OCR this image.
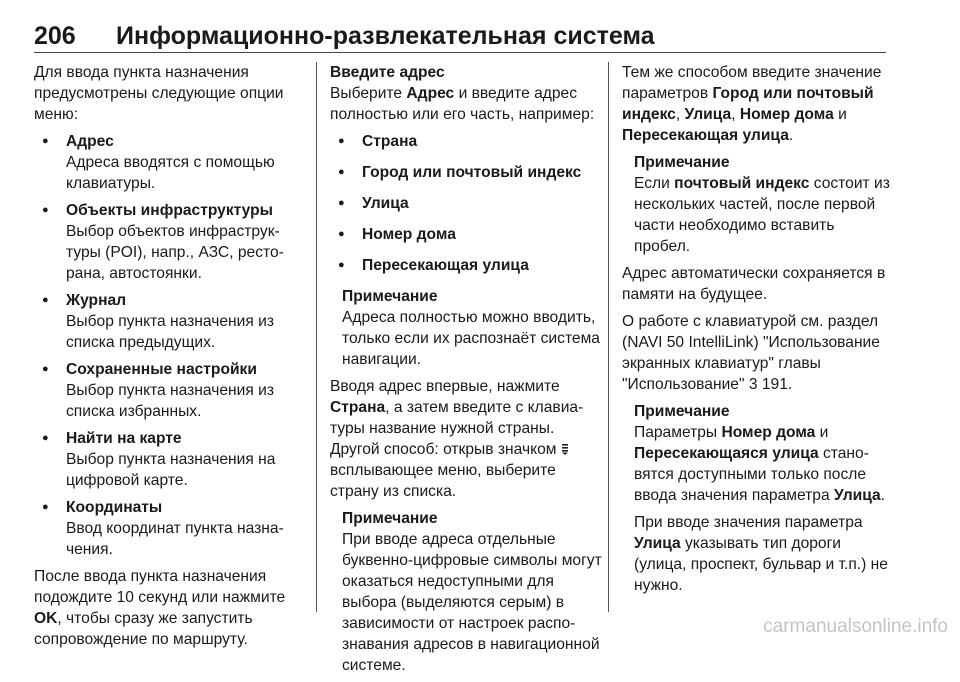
206 Информационно-развлекательная система

Для ввода пункта назначения предусмотрены следующие опции меню:

● Адрес
Адреса вводятся с помощью клавиатуры.
● Объекты инфраструктуры
Выбор объектов инфраструктуры (POI), напр., АЗС, ресторана, автостоянки.
● Журнал
Выбор пункта назначения из списка предыдущих.
● Сохраненные настройки
Выбор пункта назначения из списка избранных.
● Найти на карте
Выбор пункта назначения на цифровой карте.
● Координаты
Ввод координат пункта назначения.

После ввода пункта назначения подождите 10 секунд или нажмите OK, чтобы сразу же запустить сопровождение по маршруту.

Введите адрес

Выберите Адрес и введите адрес полностью или его часть, например:

● Страна
● Город или почтовый индекс
● Улица
● Номер дома
● Пересекающая улица
Примечание
Адреса полностью можно вводить, только если их распознаёт система навигации.

Вводя адрес впервые, нажмите Страна, а затем введите с клавиатуры название нужной страны. Другой способ: открыв значком  всплывающее меню, выберите страну из списка.

Примечание
При вводе адреса отдельные буквенно-цифровые символы могут оказаться недоступными для выбора (выделяются серым) в зависимости от настроек распознавания адресов в навигационной системе.

Тем же способом введите значение параметров Город или почтовый индекс, Улица, Номер дома и Пересекающая улица.

Примечание
Если почтовый индекс состоит из нескольких частей, после первой части необходимо вставить пробел.

Адрес автоматически сохраняется в памяти на будущее.

О работе с клавиатурой см. раздел (NAVI 50 IntelliLink) "Использование экранных клавиатур" главы "Использование" 3 191.

Примечание
Параметры Номер дома и Пересекающаяся улица становятся доступными только после ввода значения параметра Улица.
При вводе значения параметра Улица указывать тип дороги (улица, проспект, бульвар и т.п.) не нужно.
carmanualsonline.info
